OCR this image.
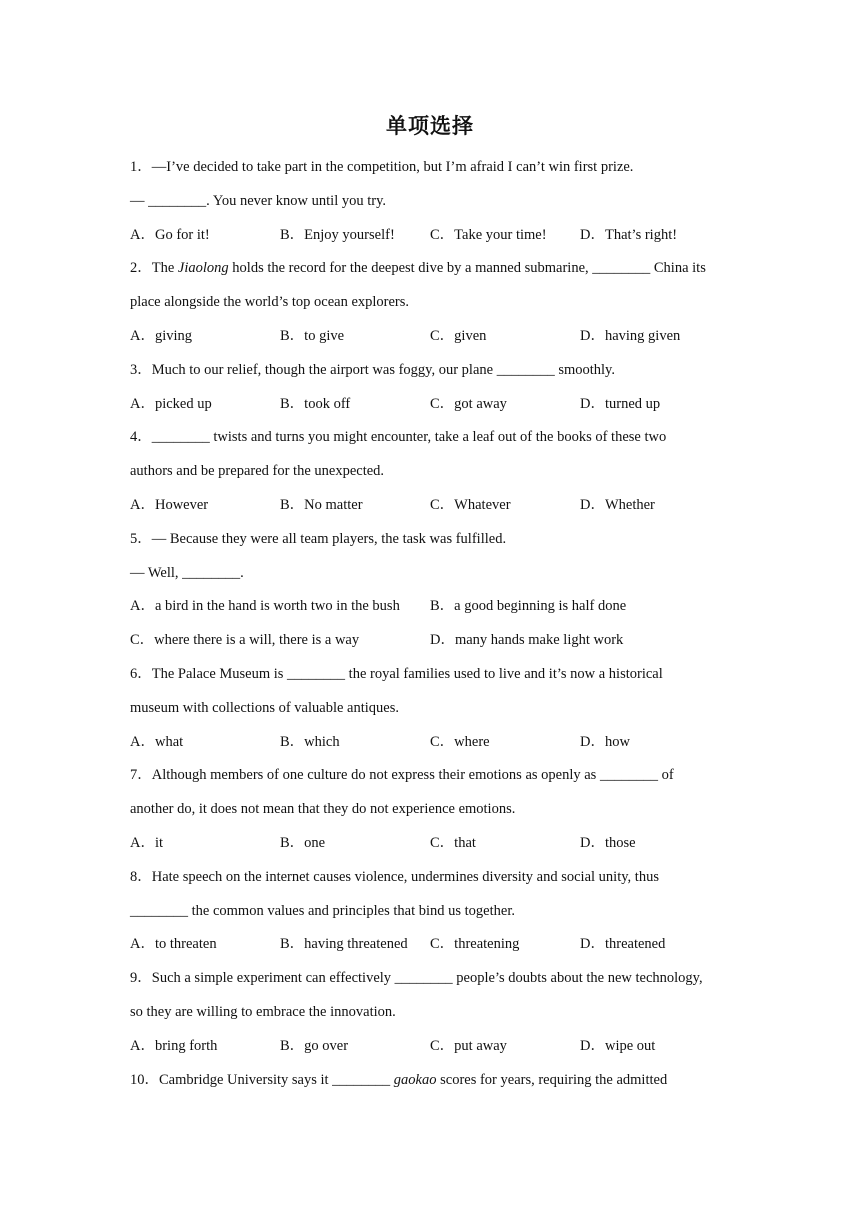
单项选择
1．—I’ve decided to take part in the competition, but I’m afraid I can’t win first prize.
— ________. You never know until you try.
A．Go for it!	B．Enjoy yourself! C．Take your time! D．That’s right!
2．The Jiaolong holds the record for the deepest dive by a manned submarine, ________ China its
place alongside the world’s top ocean explorers.
A．giving	B．to give	C．given	D．having given
3．Much to our relief, though the airport was foggy, our plane ________ smoothly.
A．picked up	B．took off	C．got away	D．turned up
4．________ twists and turns you might encounter, take a leaf out of the books of these two
authors and be prepared for the unexpected.
A．However	B．No matter	C．Whatever	D．Whether
5．— Because they were all team players, the task was fulfilled.
— Well, ________.
A．a bird in the hand is worth two in the bush B．a good beginning is half done
C．where there is a will, there is a way	D．many hands make light work
6．The Palace Museum is ________ the royal families used to live and it’s now a historical
museum with collections of valuable antiques.
A．what	B．which	C．where	D．how
7．Although members of one culture do not express their emotions as openly as ________ of
another do, it does not mean that they do not experience emotions.
A．it	B．one	C．that	D．those
8．Hate speech on the internet causes violence, undermines diversity and social unity, thus
________ the common values and principles that bind us together.
A．to threaten	B．having threatened C．threatening	D．threatened
9．Such a simple experiment can effectively ________ people’s doubts about the new technology,
so they are willing to embrace the innovation.
A．bring forth	B．go over	C．put away	D．wipe out
10．Cambridge University says it ________ gaokao scores for years, requiring the admitted
